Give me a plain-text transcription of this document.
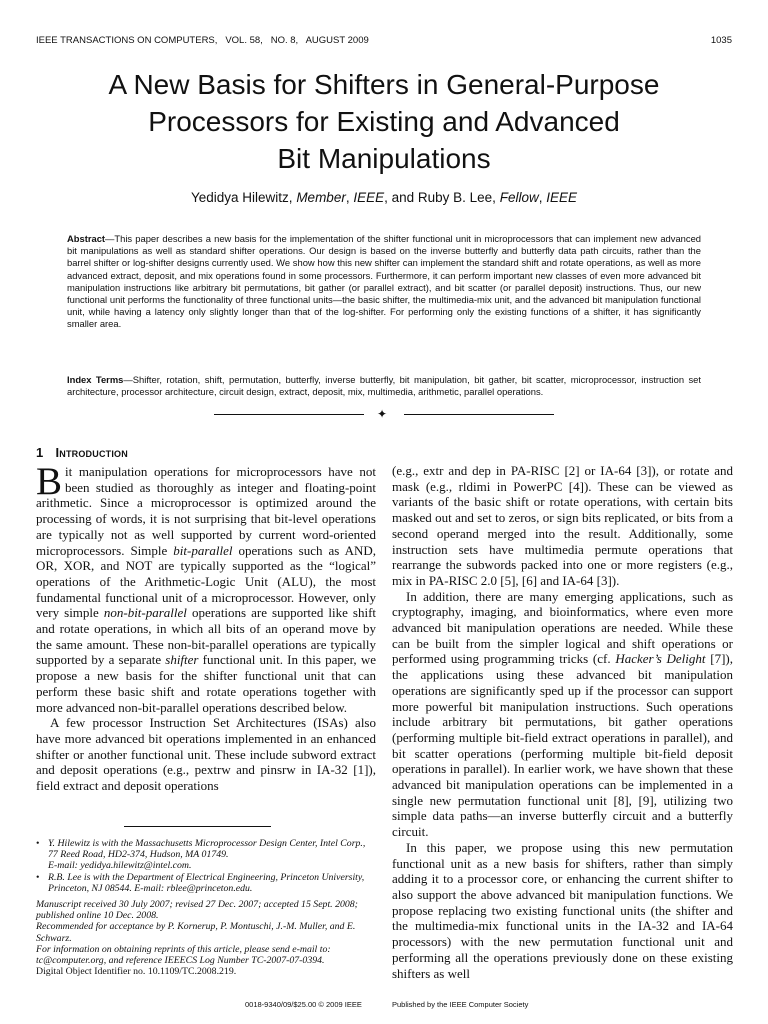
IEEE TRANSACTIONS ON COMPUTERS,   VOL. 58,   NO. 8,   AUGUST 2009	1035
A New Basis for Shifters in General-Purpose
Processors for Existing and Advanced
Bit Manipulations
Yedidya Hilewitz, Member, IEEE, and Ruby B. Lee, Fellow, IEEE
Abstract—This paper describes a new basis for the implementation of the shifter functional unit in microprocessors that can implement new advanced bit manipulations as well as standard shifter operations. Our design is based on the inverse butterfly and butterfly data path circuits, rather than the barrel shifter or log-shifter designs currently used. We show how this new shifter can implement the standard shift and rotate operations, as well as more advanced extract, deposit, and mix operations found in some processors. Furthermore, it can perform important new classes of even more advanced bit manipulation instructions like arbitrary bit permutations, bit gather (or parallel extract), and bit scatter (or parallel deposit) instructions. Thus, our new functional unit performs the functionality of three functional units—the basic shifter, the multimedia-mix unit, and the advanced bit manipulation functional unit, while having a latency only slightly longer than that of the log-shifter. For performing only the existing functions of a shifter, it has significantly smaller area.
Index Terms—Shifter, rotation, shift, permutation, butterfly, inverse butterfly, bit manipulation, bit gather, bit scatter, microprocessor, instruction set architecture, processor architecture, circuit design, extract, deposit, mix, multimedia, arithmetic, parallel operations.
✦
1 Introduction

Bit manipulation operations for microprocessors have not been studied as thoroughly as integer and floating-point arithmetic. Since a microprocessor is optimized around the processing of words, it is not surprising that bit-level operations are typically not as well supported by current word-oriented microprocessors. Simple bit-parallel operations such as AND, OR, XOR, and NOT are typically supported as the “logical” operations of the Arithmetic-Logic Unit (ALU), the most fundamental functional unit of a microprocessor. However, only very simple non-bit-parallel operations are supported like shift and rotate operations, in which all bits of an operand move by the same amount. These non-bit-parallel operations are typically supported by a separate shifter functional unit. In this paper, we propose a new basis for the shifter functional unit that can perform these basic shift and rotate operations together with more advanced non-bit-parallel operations described below.

A few processor Instruction Set Architectures (ISAs) also have more advanced bit operations implemented in an enhanced shifter or another functional unit. These include subword extract and deposit operations (e.g., pextrw and pinsrw in IA-32 [1]), field extract and deposit operations

• Y. Hilewitz is with the Massachusetts Microprocessor Design Center, Intel Corp., 77 Reed Road, HD2-374, Hudson, MA 01749.
E-mail: yedidya.hilewitz@intel.com.
• R.B. Lee is with the Department of Electrical Engineering, Princeton University, Princeton, NJ 08544. E-mail: rblee@princeton.edu.
Manuscript received 30 July 2007; revised 27 Dec. 2007; accepted 15 Sept. 2008; published online 10 Dec. 2008.
Recommended for acceptance by P. Kornerup, P. Montuschi, J.-M. Muller, and E. Schwarz.
For information on obtaining reprints of this article, please send e-mail to: tc@computer.org, and reference IEEECS Log Number TC-2007-07-0394.
Digital Object Identifier no. 10.1109/TC.2008.219.

(e.g., extr and dep in PA-RISC [2] or IA-64 [3]), or rotate and mask (e.g., rldimi in PowerPC [4]). These can be viewed as variants of the basic shift or rotate operations, with certain bits masked out and set to zeros, or sign bits replicated, or bits from a second operand merged into the result. Additionally, some instruction sets have multimedia permute operations that rearrange the subwords packed into one or more registers (e.g., mix in PA-RISC 2.0 [5], [6] and IA-64 [3]).

In addition, there are many emerging applications, such as cryptography, imaging, and bioinformatics, where even more advanced bit manipulation operations are needed. While these can be built from the simpler logical and shift operations or performed using programming tricks (cf. Hacker’s Delight [7]), the applications using these advanced bit manipulation operations are significantly sped up if the processor can support more powerful bit manipulation instructions. Such operations include arbitrary bit permutations, bit gather operations (performing multiple bit-field extract operations in parallel), and bit scatter operations (performing multiple bit-field deposit operations in parallel). In earlier work, we have shown that these advanced bit manipulation operations can be implemented in a single new permutation functional unit [8], [9], utilizing two simple data paths—an inverse butterfly circuit and a butterfly circuit.

In this paper, we propose using this new permutation functional unit as a new basis for shifters, rather than simply adding it to a processor core, or enhancing the current shifter to also support the above advanced bit manipulation functions. We propose replacing two existing functional units (the shifter and the multimedia-mix functional units in the IA-32 and IA-64 processors) with the new permutation functional unit and performing all the operations previously done on these existing shifters as well

0018-9340/09/$25.00 © 2009 IEEE	Published by the IEEE Computer Society
